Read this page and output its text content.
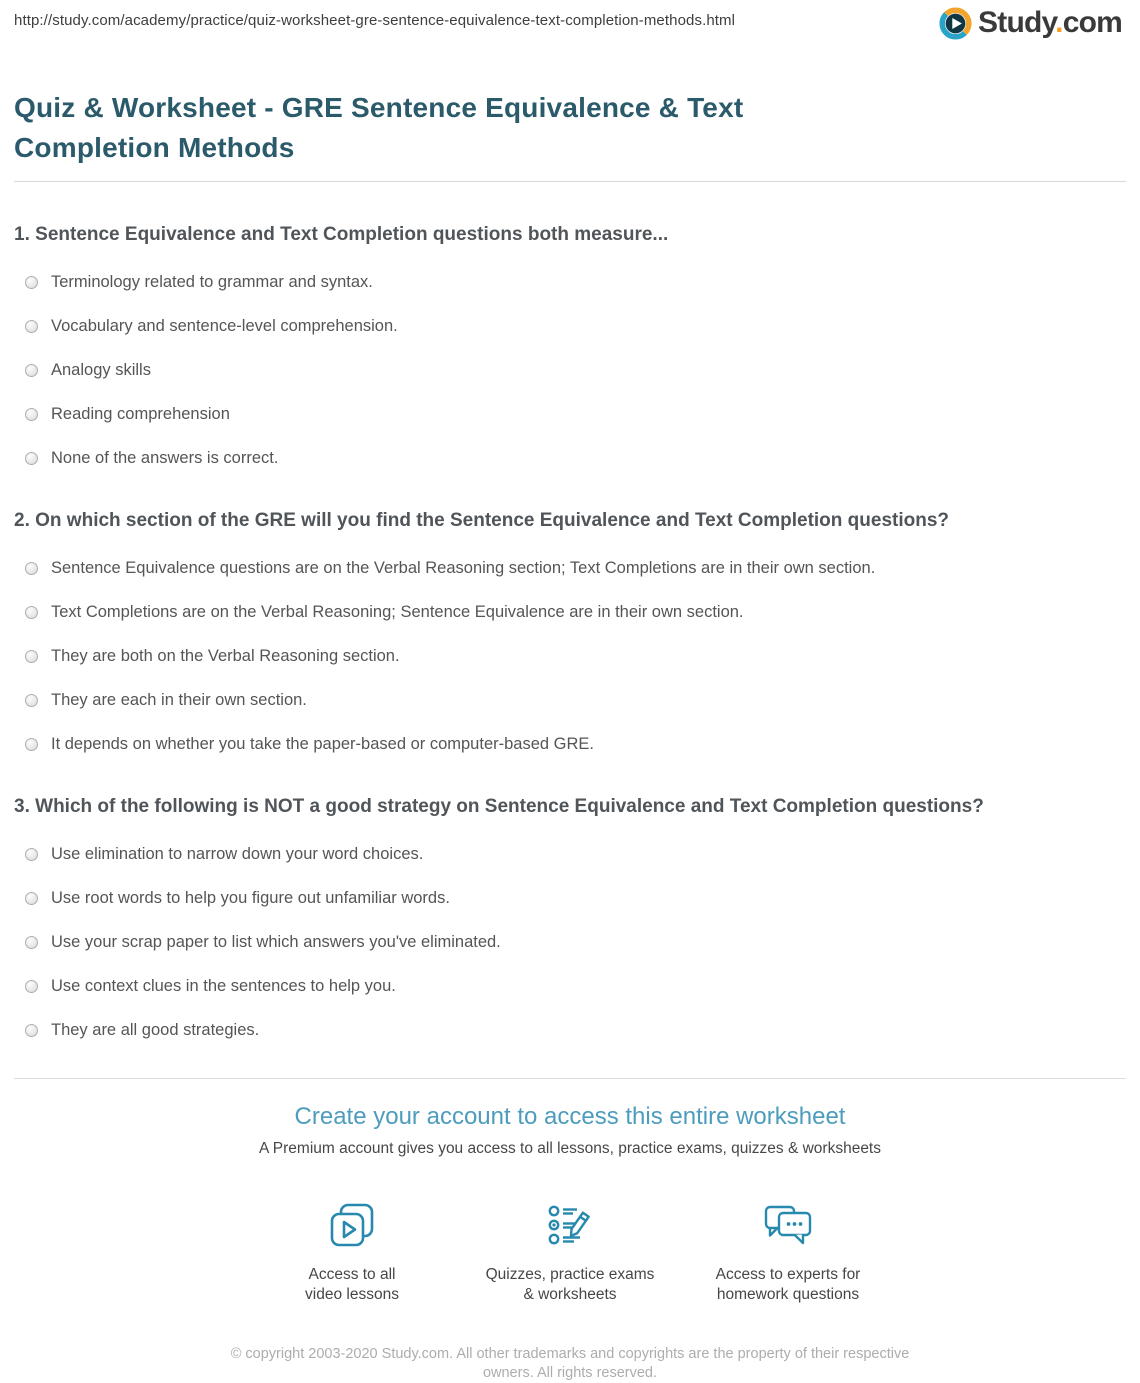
http://study.com/academy/practice/quiz-worksheet-gre-sentence-equivalence-text-completion-methods.html	Study.com
Quiz & Worksheet - GRE Sentence Equivalence & Text Completion Methods
1. Sentence Equivalence and Text Completion questions both measure...
Terminology related to grammar and syntax.
Vocabulary and sentence-level comprehension.
Analogy skills
Reading comprehension
None of the answers is correct.
2. On which section of the GRE will you find the Sentence Equivalence and Text Completion questions?
Sentence Equivalence questions are on the Verbal Reasoning section; Text Completions are in their own section.
Text Completions are on the Verbal Reasoning; Sentence Equivalence are in their own section.
They are both on the Verbal Reasoning section.
They are each in their own section.
It depends on whether you take the paper-based or computer-based GRE.
3. Which of the following is NOT a good strategy on Sentence Equivalence and Text Completion questions?
Use elimination to narrow down your word choices.
Use root words to help you figure out unfamiliar words.
Use your scrap paper to list which answers you've eliminated.
Use context clues in the sentences to help you.
They are all good strategies.
Create your account to access this entire worksheet

A Premium account gives you access to all lessons, practice exams, quizzes & worksheets

Access to all
video lessons
Quizzes, practice exams
& worksheets
Access to experts for
homework questions
© copyright 2003-2020 Study.com. All other trademarks and copyrights are the property of their respective owners. All rights reserved.
